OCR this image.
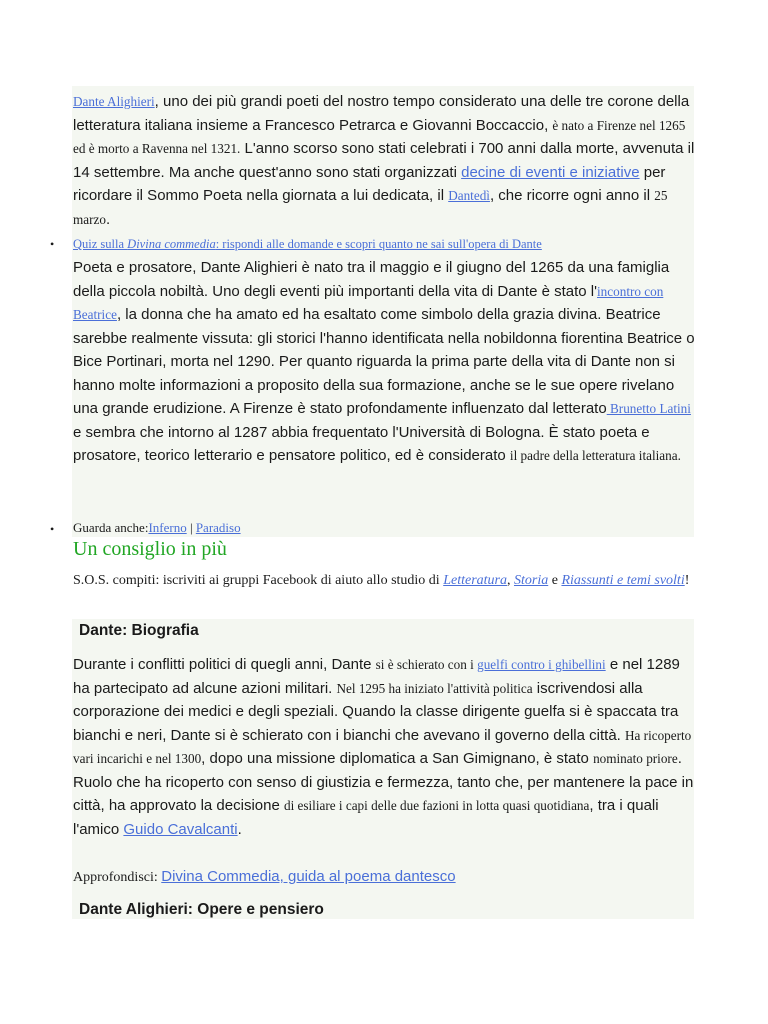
Dante Alighieri, uno dei più grandi poeti del nostro tempo considerato una delle tre corone della letteratura italiana insieme a Francesco Petrarca e Giovanni Boccaccio, è nato a Firenze nel 1265 ed è morto a Ravenna nel 1321. L'anno scorso sono stati celebrati i 700 anni dalla morte, avvenuta il 14 settembre. Ma anche quest'anno sono stati organizzati decine di eventi e iniziative per ricordare il Sommo Poeta nella giornata a lui dedicata, il Dantedì, che ricorre ogni anno il 25 marzo.

• Quiz sulla Divina commedia: rispondi alle domande e scopri quanto ne sai sull'opera di Dante

Poeta e prosatore, Dante Alighieri è nato tra il maggio e il giugno del 1265 da una famiglia della piccola nobiltà. Uno degli eventi più importanti della vita di Dante è stato l'incontro con Beatrice, la donna che ha amato ed ha esaltato come simbolo della grazia divina. Beatrice sarebbe realmente vissuta: gli storici l'hanno identificata nella nobildonna fiorentina Beatrice o Bice Portinari, morta nel 1290. Per quanto riguarda la prima parte della vita di Dante non si hanno molte informazioni a proposito della sua formazione, anche se le sue opere rivelano una grande erudizione. A Firenze è stato profondamente influenzato dal letterato Brunetto Latini e sembra che intorno al 1287 abbia frequentato l'Università di Bologna. È stato poeta e prosatore, teorico letterario e pensatore politico, ed è considerato il padre della letteratura italiana.

• Guarda anche:Inferno | Paradiso
Un consiglio in più

S.O.S. compiti: iscriviti ai gruppi Facebook di aiuto allo studio di Letteratura, Storia e Riassunti e temi svolti!

Dante: Biografia

Durante i conflitti politici di quegli anni, Dante si è schierato con i guelfi contro i ghibellini e nel 1289 ha partecipato ad alcune azioni militari. Nel 1295 ha iniziato l'attività politica iscrivendosi alla corporazione dei medici e degli speziali. Quando la classe dirigente guelfa si è spaccata tra bianchi e neri, Dante si è schierato con i bianchi che avevano il governo della città. Ha ricoperto vari incarichi e nel 1300, dopo una missione diplomatica a San Gimignano, è stato nominato priore. Ruolo che ha ricoperto con senso di giustizia e fermezza, tanto che, per mantenere la pace in città, ha approvato la decisione di esiliare i capi delle due fazioni in lotta quasi quotidiana, tra i quali l'amico Guido Cavalcanti.

Approfondisci: Divina Commedia, guida al poema dantesco
Dante Alighieri: Opere e pensiero
